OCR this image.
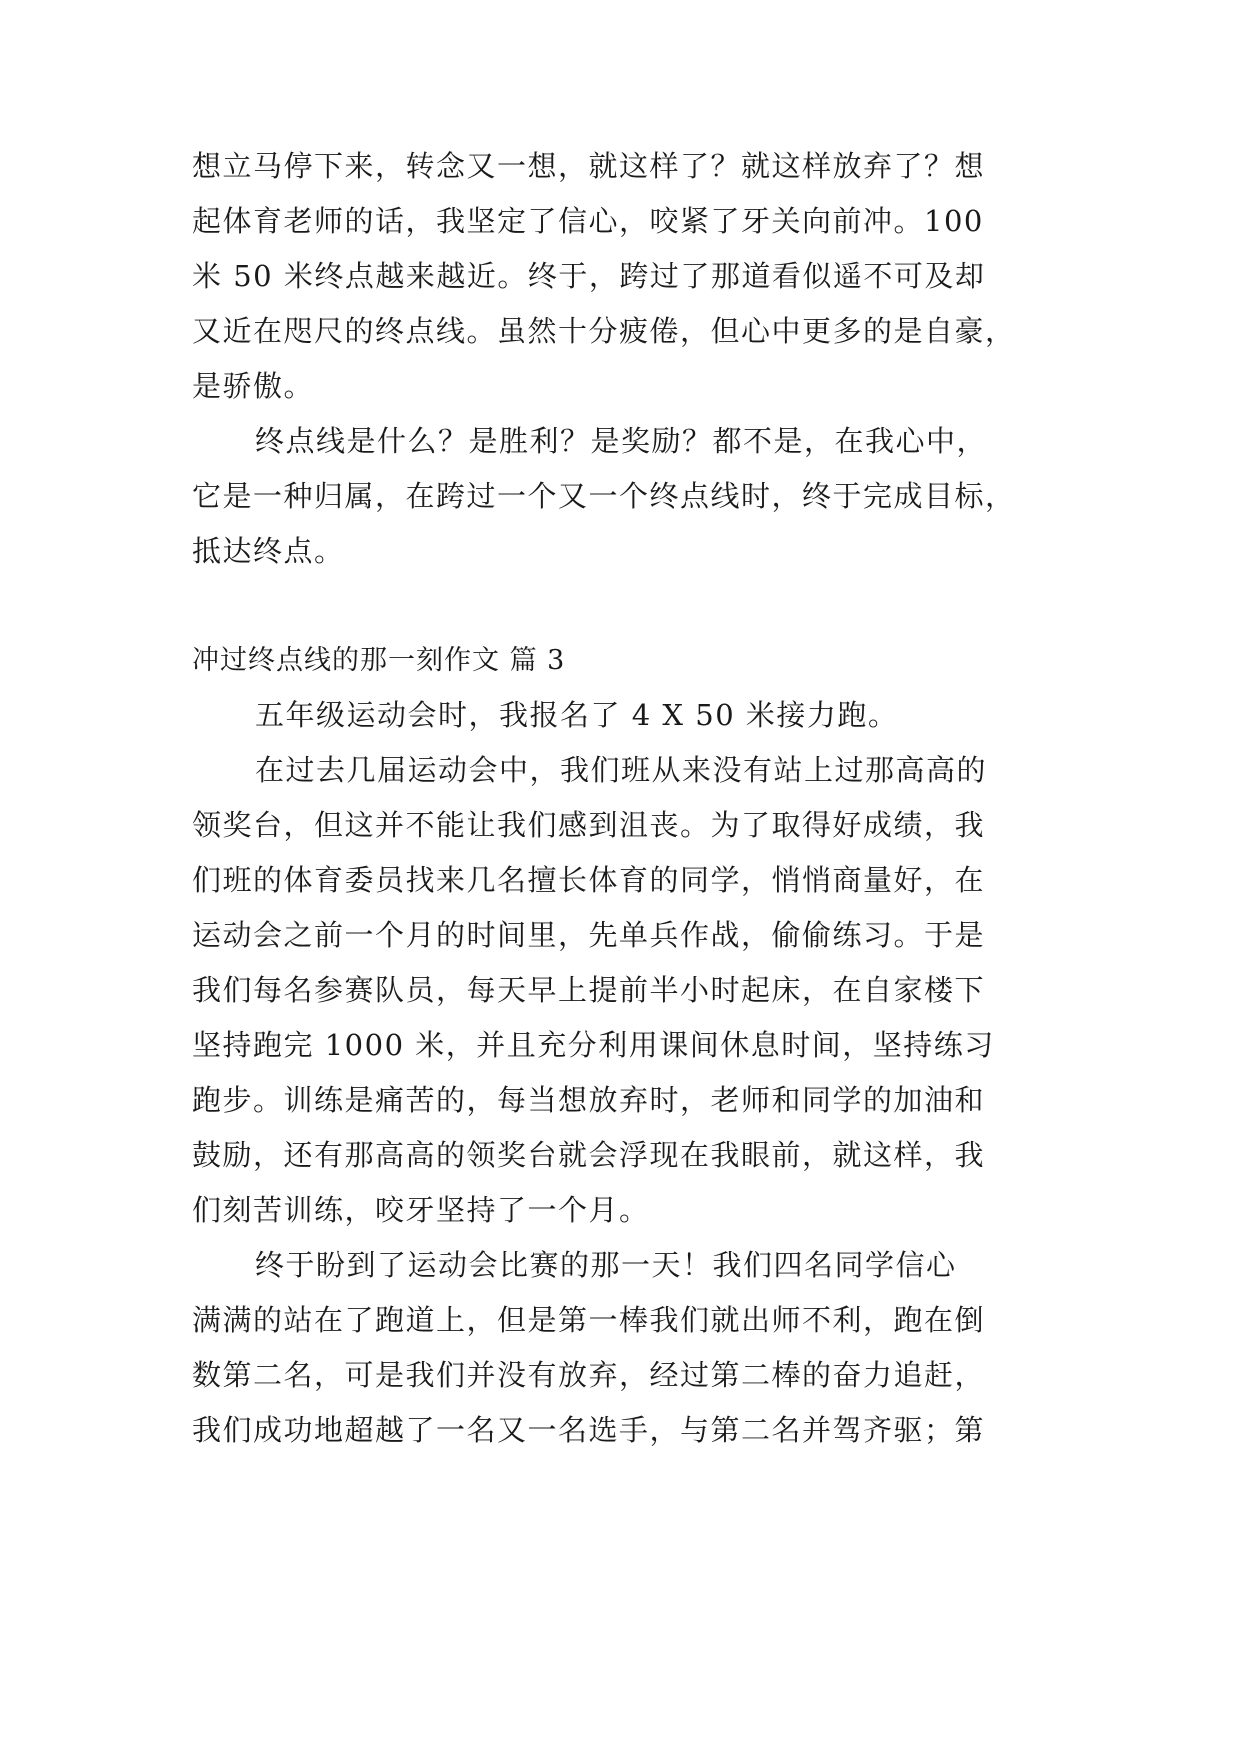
想立马停下来，转念又一想，就这样了？就这样放弃了？想
起体育老师的话，我坚定了信心，咬紧了牙关向前冲。100
米 50 米终点越来越近。终于，跨过了那道看似遥不可及却
又近在咫尺的终点线。虽然十分疲倦，但心中更多的是自豪，
是骄傲。
终点线是什么？是胜利？是奖励？都不是，在我心中，
它是一种归属，在跨过一个又一个终点线时，终于完成目标，
抵达终点。
冲过终点线的那一刻作文 篇 3
五年级运动会时，我报名了 4 X 50 米接力跑。
在过去几届运动会中，我们班从来没有站上过那高高的
领奖台，但这并不能让我们感到沮丧。为了取得好成绩，我
们班的体育委员找来几名擅长体育的同学，悄悄商量好，在
运动会之前一个月的时间里，先单兵作战，偷偷练习。于是
我们每名参赛队员，每天早上提前半小时起床，在自家楼下
坚持跑完 1000 米，并且充分利用课间休息时间，坚持练习
跑步。训练是痛苦的，每当想放弃时，老师和同学的加油和
鼓励，还有那高高的领奖台就会浮现在我眼前，就这样，我
们刻苦训练，咬牙坚持了一个月。
终于盼到了运动会比赛的那一天！我们四名同学信心
满满的站在了跑道上，但是第一棒我们就出师不利，跑在倒
数第二名，可是我们并没有放弃，经过第二棒的奋力追赶，
我们成功地超越了一名又一名选手，与第二名并驾齐驱；第
